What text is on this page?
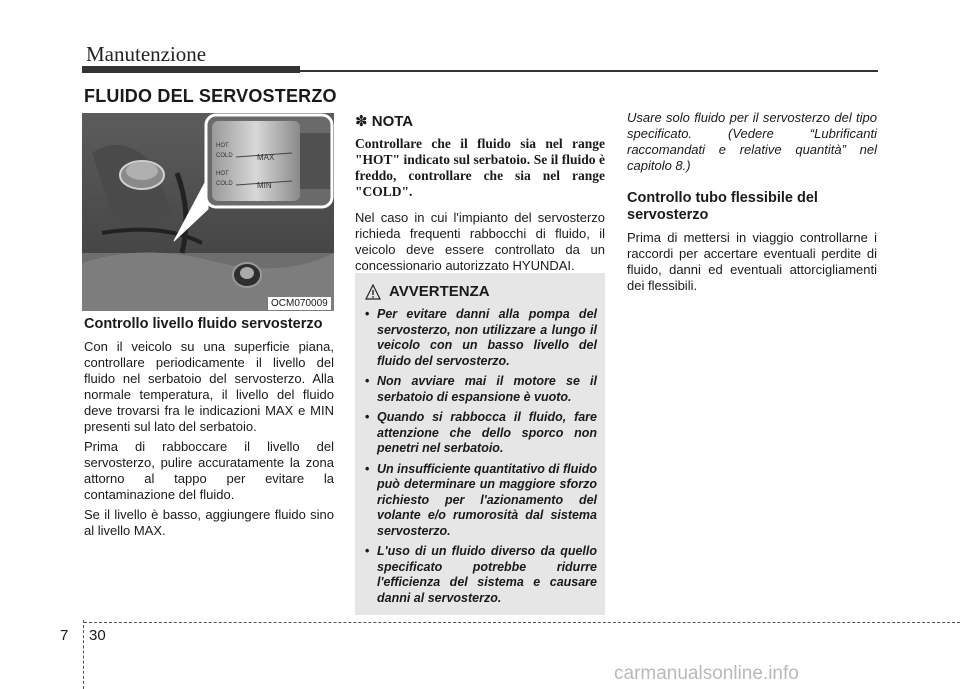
Manutenzione
FLUIDO DEL SERVOSTERZO
HOT
COLD	MAX
HOT
COLD	MIN
OCM070009
Controllo livello fluido servosterzo

Con il veicolo su una superficie piana, controllare periodicamente il livello del fluido nel serbatoio del servosterzo. Alla normale temperatura, il livello del fluido deve trovarsi fra le indicazioni MAX e MIN presenti sul lato del serbatoio.

Prima di rabboccare il livello del servosterzo, pulire accuratamente la zona attorno al tappo per evitare la contaminazione del fluido.

Se il livello è basso, aggiungere fluido sino al livello MAX.

✽ NOTA

Controllare che il fluido sia nel range "HOT" indicato sul serbatoio. Se il fluido è freddo, controllare che sia nel range "COLD".

Nel caso in cui l'impianto del servosterzo richieda frequenti rabbocchi di fluido, il veicolo deve essere controllato da un concessionario autorizzato HYUNDAI.

AVVERTENZA
• Per evitare danni alla pompa del servosterzo, non utilizzare a lungo il veicolo con un basso livello del fluido del servosterzo.
• Non avviare mai il motore se il serbatoio di espansione è vuoto.
• Quando si rabbocca il fluido, fare attenzione che dello sporco non penetri nel serbatoio.
• Un insufficiente quantitativo di fluido può determinare un maggiore sforzo richiesto per l'azionamento del volante e/o rumorosità dal sistema servosterzo.
• L'uso di un fluido diverso da quello specificato potrebbe ridurre l'efficienza del sistema e causare danni al servosterzo.

Usare solo fluido per il servosterzo del tipo specificato. (Vedere “Lubrificanti raccomandati e relative quantità” nel capitolo 8.)

Controllo tubo flessibile del servosterzo

Prima di mettersi in viaggio controllarne i raccordi per accertare eventuali perdite di fluido, danni ed eventuali attorcigliamenti dei flessibili.

7 30
carmanualsonline.info
